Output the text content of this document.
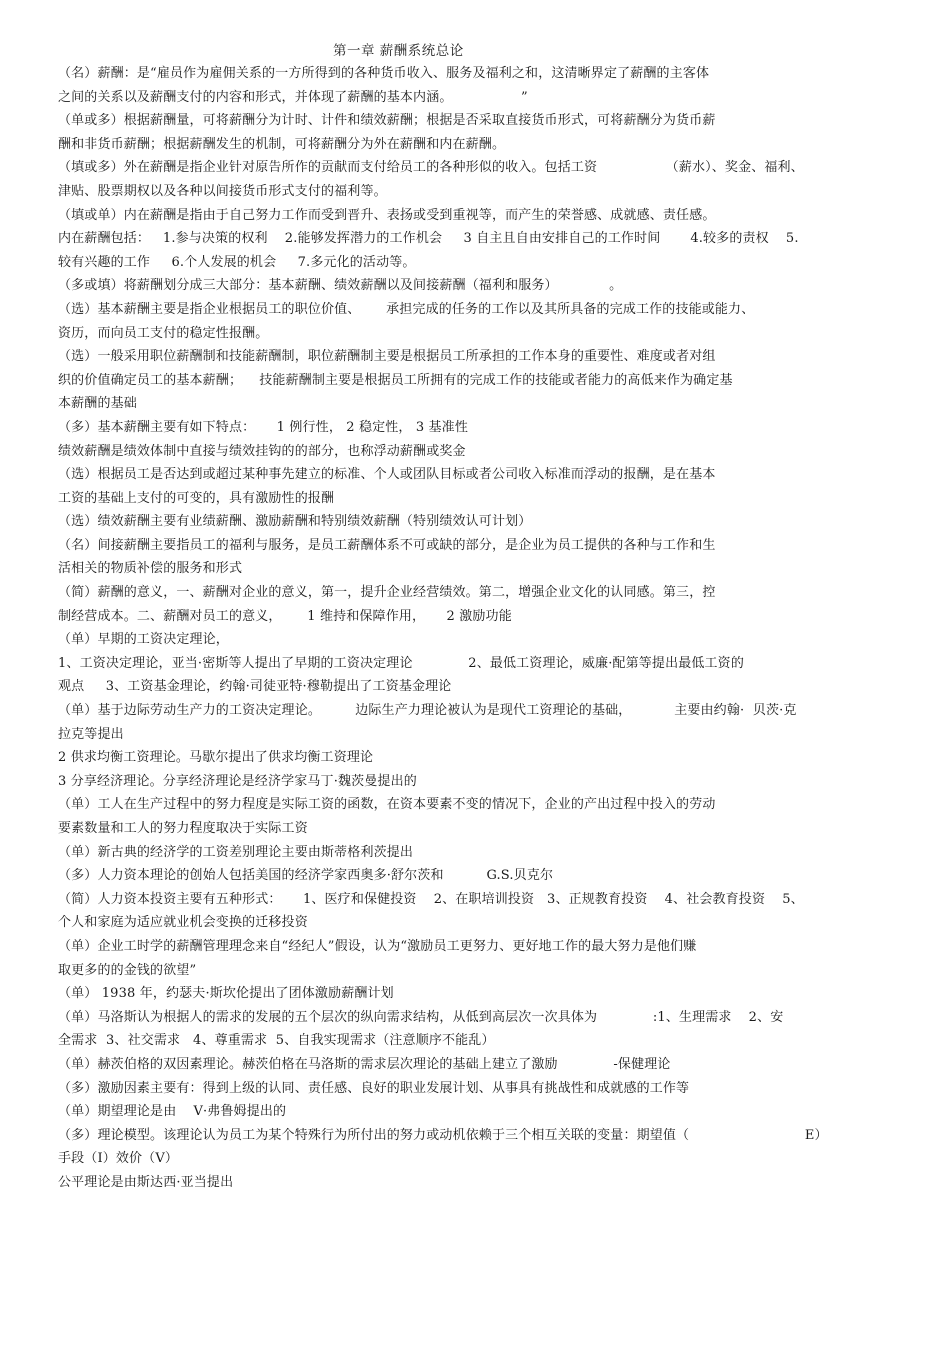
第一章 薪酬系统总论
（名）薪酬：是“雇员作为雇佣关系的一方所得到的各种货币收入、服务及福利之和，这清晰界定了薪酬的主客体
之间的关系以及薪酬支付的内容和形式，并体现了薪酬的基本内涵。                ”
（单或多）根据薪酬量，可将薪酬分为计时、计件和绩效薪酬；根据是否采取直接货币形式，可将薪酬分为货币薪
酬和非货币薪酬；根据薪酬发生的机制，可将薪酬分为外在薪酬和内在薪酬。
（填或多）外在薪酬是指企业针对原告所作的贡献而支付给员工的各种形似的收入。包括工资                （薪水）、奖金、福利、
津贴、股票期权以及各种以间接货币形式支付的福利等。
（填或单）内在薪酬是指由于自己努力工作而受到晋升、表扬或受到重视等，而产生的荣誉感、成就感、责任感。
内在薪酬包括：   1.参与决策的权利    2.能够发挥潜力的工作机会     3 自主且自由安排自己的工作时间       4.较多的责权    5.
较有兴趣的工作     6.个人发展的机会     7.多元化的活动等。
（多或填）将薪酬划分成三大部分：基本薪酬、绩效薪酬以及间接薪酬（福利和服务）            。
（选）基本薪酬主要是指企业根据员工的职位价值、      承担完成的任务的工作以及其所具备的完成工作的技能或能力、
资历，而向员工支付的稳定性报酬。
（选）一般采用职位薪酬制和技能薪酬制，职位薪酬制主要是根据员工所承担的工作本身的重要性、难度或者对组
织的价值确定员工的基本薪酬；    技能薪酬制主要是根据员工所拥有的完成工作的技能或者能力的高低来作为确定基
本薪酬的基础
（多）基本薪酬主要有如下特点：     1 例行性， 2 稳定性， 3 基准性
绩效薪酬是绩效体制中直接与绩效挂钩的的部分，也称浮动薪酬或奖金
（选）根据员工是否达到或超过某种事先建立的标准、个人或团队目标或者公司收入标准而浮动的报酬，是在基本
工资的基础上支付的可变的，具有激励性的报酬
（选）绩效薪酬主要有业绩薪酬、激励薪酬和特别绩效薪酬（特别绩效认可计划）
（名）间接薪酬主要指员工的福利与服务，是员工薪酬体系不可或缺的部分，是企业为员工提供的各种与工作和生
活相关的物质补偿的服务和形式
（简）薪酬的意义，一、薪酬对企业的意义，第一，提升企业经营绩效。第二，增强企业文化的认同感。第三，控
制经营成本。二、薪酬对员工的意义，      1 维持和保障作用，     2 激励功能
（单）早期的工资决定理论，
1、工资决定理论，亚当·密斯等人提出了早期的工资决定理论             2、最低工资理论，威廉·配第等提出最低工资的
观点     3、工资基金理论，约翰·司徒亚特·穆勒提出了工资基金理论
（单）基于边际劳动生产力的工资决定理论。        边际生产力理论被认为是现代工资理论的基础，          主要由约翰·  贝茨·克
拉克等提出
2 供求均衡工资理论。马歇尔提出了供求均衡工资理论
3 分享经济理论。分享经济理论是经济学家马丁·魏茨曼提出的
（单）工人在生产过程中的努力程度是实际工资的函数，在资本要素不变的情况下，企业的产出过程中投入的劳动
要素数量和工人的努力程度取决于实际工资
（单）新古典的经济学的工资差别理论主要由斯蒂格利茨提出
（多）人力资本理论的创始人包括美国的经济学家西奥多·舒尔茨和          G.S.贝克尔
（简）人力资本投资主要有五种形式：     1、医疗和保健投资    2、在职培训投资   3、正规教育投资    4、社会教育投资    5、
个人和家庭为适应就业机会变换的迁移投资
（单）企业工时学的薪酬管理理念来自“经纪人”假设，认为“激励员工更努力、更好地工作的最大努力是他们赚
取更多的的金钱的欲望”
（单） 1938 年，约瑟夫·斯坎伦提出了团体激励薪酬计划
（单）马洛斯认为根据人的需求的发展的五个层次的纵向需求结构，从低到高层次一次具体为             :1、生理需求    2、安
全需求  3、社交需求   4、尊重需求  5、自我实现需求（注意顺序不能乱）
（单）赫茨伯格的双因素理论。赫茨伯格在马洛斯的需求层次理论的基础上建立了激励             -保健理论
（多）激励因素主要有：得到上级的认同、责任感、良好的职业发展计划、从事具有挑战性和成就感的工作等
（单）期望理论是由    V·弗鲁姆提出的
（多）理论模型。该理论认为员工为某个特殊行为所付出的努力或动机依赖于三个相互关联的变量：期望值（                           E）
手段（I）效价（V）
公平理论是由斯达西·亚当提出
